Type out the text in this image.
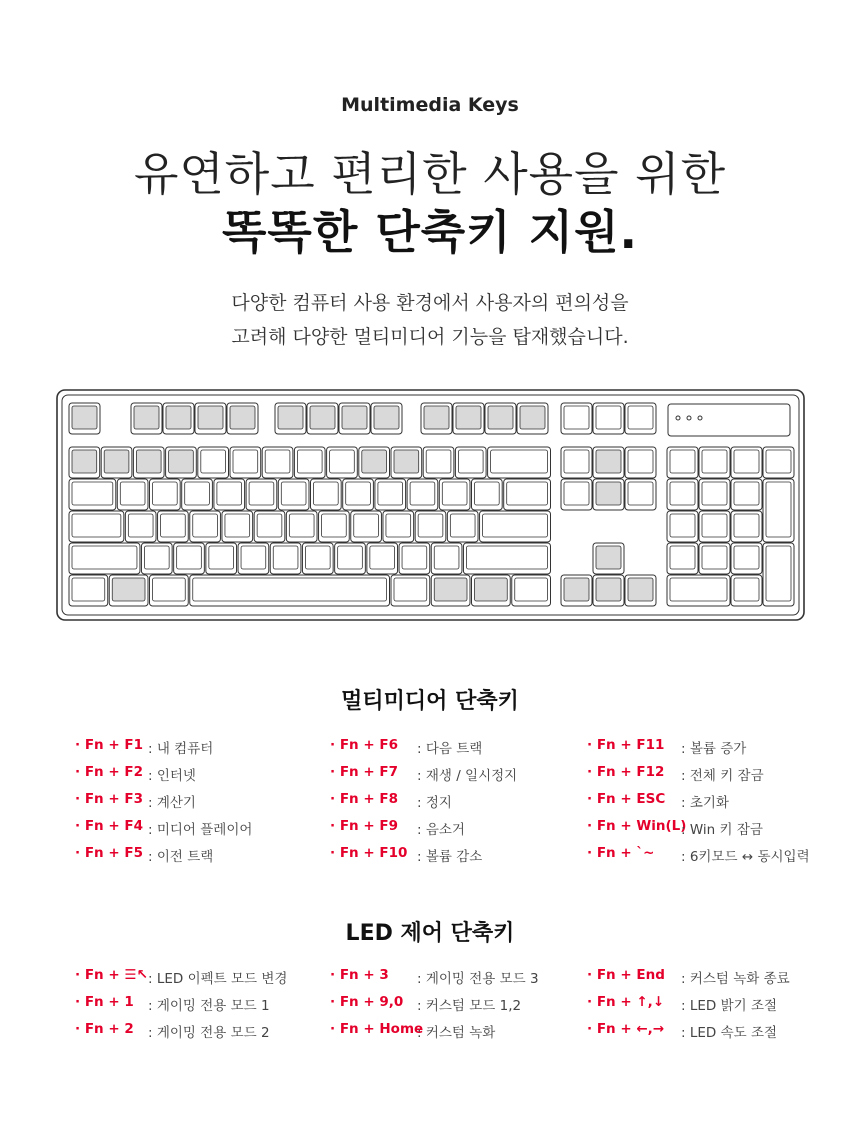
Multimedia Keys
유연하고 편리한 사용을 위한
똑똑한 단축키 지원.
다양한 컴퓨터 사용 환경에서 사용자의 편의성을
고려해 다양한 멀티미디어 기능을 탑재했습니다.
멀티미디어 단축키
· Fn + F1 : 내 컴퓨터
· Fn + F2 : 인터넷
· Fn + F3 : 계산기
· Fn + F4 : 미디어 플레이어
· Fn + F5 : 이전 트랙
· Fn + F6 : 다음 트랙
· Fn + F7 : 재생 / 일시정지
· Fn + F8 : 정지
· Fn + F9 : 음소거
· Fn + F10 : 볼륨 감소
· Fn + F11 : 볼륨 증가
· Fn + F12 : 전체 키 잠금
· Fn + ESC : 초기화
· Fn + Win(L)
: Win 키 잠금
· Fn + `~ : 6키모드 ↔ 동시입력
LED 제어 단축키
· Fn + ☰↖ : LED 이펙트 모드 변경
· Fn + 1 : 게이밍 전용 모드 1
· Fn + 2 : 게이밍 전용 모드 2
· Fn + 3 : 게이밍 전용 모드 3
· Fn + 9,0 : 커스텀 모드 1,2
· Fn + Home
: 커스텀 녹화
· Fn + End : 커스텀 녹화 종료
· Fn + ↑,↓ : LED 밝기 조절
· Fn + ←,→ : LED 속도 조절
